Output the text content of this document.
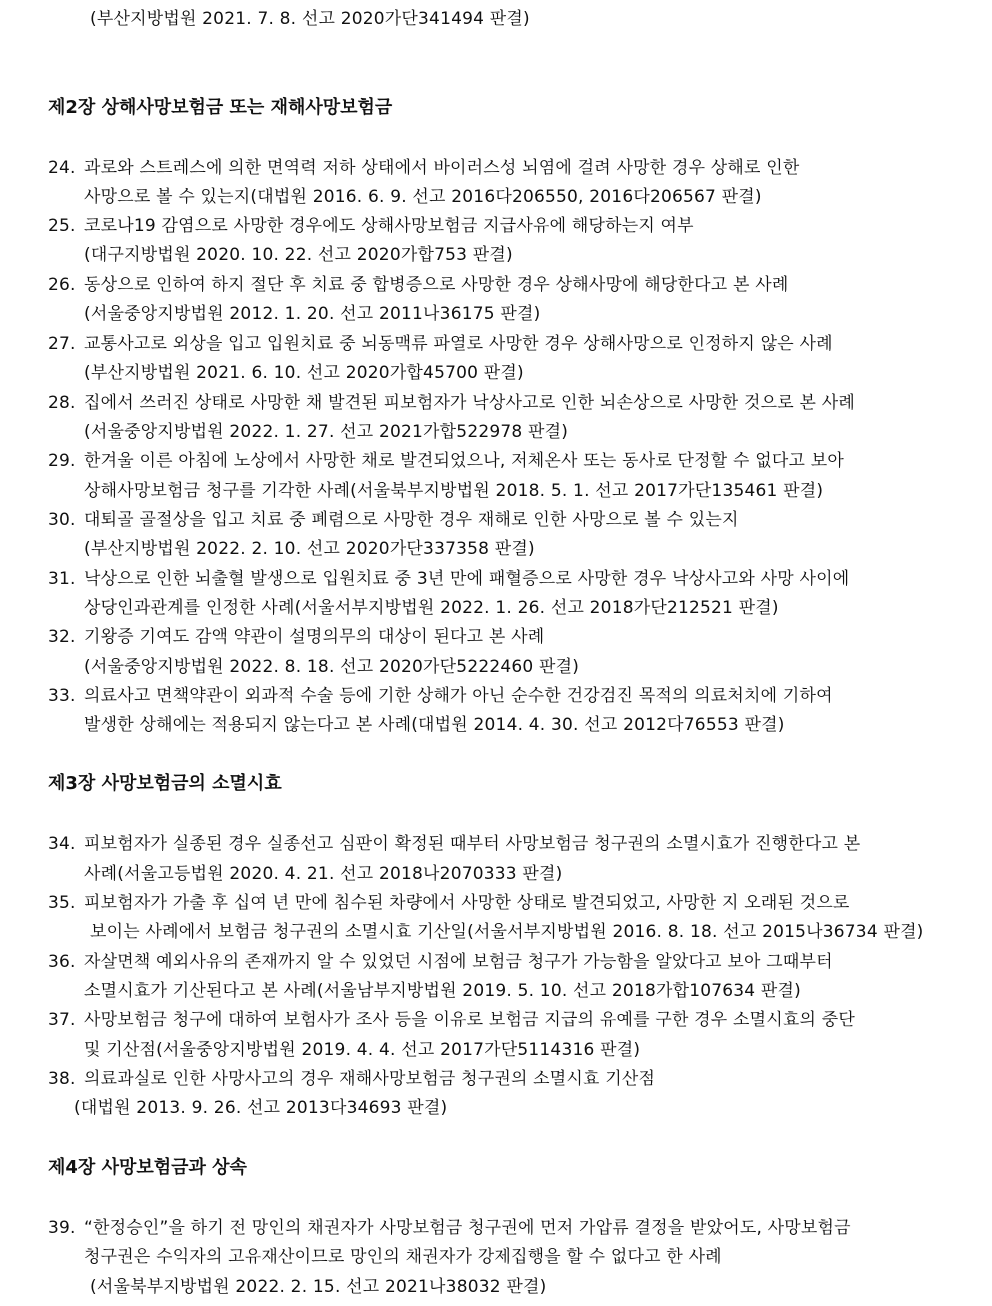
(부산지방법원 2021. 7. 8. 선고 2020가단341494 판결)
제2장 상해사망보험금 또는 재해사망보험금
24. 과로와 스트레스에 의한 면역력 저하 상태에서 바이러스성 뇌염에 걸려 사망한 경우 상해로 인한
사망으로 볼 수 있는지(대법원 2016. 6. 9. 선고 2016다206550, 2016다206567 판결)
25. 코로나19 감염으로 사망한 경우에도 상해사망보험금 지급사유에 해당하는지 여부
(대구지방법원 2020. 10. 22. 선고 2020가합753 판결)
26. 동상으로 인하여 하지 절단 후 치료 중 합병증으로 사망한 경우 상해사망에 해당한다고 본 사례
(서울중앙지방법원 2012. 1. 20. 선고 2011나36175 판결)
27. 교통사고로 외상을 입고 입원치료 중 뇌동맥류 파열로 사망한 경우 상해사망으로 인정하지 않은 사례
(부산지방법원 2021. 6. 10. 선고 2020가합45700 판결)
28. 집에서 쓰러진 상태로 사망한 채 발견된 피보험자가 낙상사고로 인한 뇌손상으로 사망한 것으로 본 사례
(서울중앙지방법원 2022. 1. 27. 선고 2021가합522978 판결)
29. 한겨울 이른 아침에 노상에서 사망한 채로 발견되었으나, 저체온사 또는 동사로 단정할 수 없다고 보아
상해사망보험금 청구를 기각한 사례(서울북부지방법원 2018. 5. 1. 선고 2017가단135461 판결)
30. 대퇴골 골절상을 입고 치료 중 폐렴으로 사망한 경우 재해로 인한 사망으로 볼 수 있는지
(부산지방법원 2022. 2. 10. 선고 2020가단337358 판결)
31. 낙상으로 인한 뇌출혈 발생으로 입원치료 중 3년 만에 패혈증으로 사망한 경우 낙상사고와 사망 사이에
상당인과관계를 인정한 사례(서울서부지방법원 2022. 1. 26. 선고 2018가단212521 판결)
32. 기왕증 기여도 감액 약관이 설명의무의 대상이 된다고 본 사례
(서울중앙지방법원 2022. 8. 18. 선고 2020가단5222460 판결)
33. 의료사고 면책약관이 외과적 수술 등에 기한 상해가 아닌 순수한 건강검진 목적의 의료처치에 기하여
발생한 상해에는 적용되지 않는다고 본 사례(대법원 2014. 4. 30. 선고 2012다76553 판결)
제3장 사망보험금의 소멸시효
34. 피보험자가 실종된 경우 실종선고 심판이 확정된 때부터 사망보험금 청구권의 소멸시효가 진행한다고 본
사례(서울고등법원 2020. 4. 21. 선고 2018나2070333 판결)
35. 피보험자가 가출 후 십여 년 만에 침수된 차량에서 사망한 상태로 발견되었고, 사망한 지 오래된 것으로
보이는 사례에서 보험금 청구권의 소멸시효 기산일(서울서부지방법원 2016. 8. 18. 선고 2015나36734 판결)
36. 자살면책 예외사유의 존재까지 알 수 있었던 시점에 보험금 청구가 가능함을 알았다고 보아 그때부터
소멸시효가 기산된다고 본 사례(서울남부지방법원 2019. 5. 10. 선고 2018가합107634 판결)
37. 사망보험금 청구에 대하여 보험사가 조사 등을 이유로 보험금 지급의 유예를 구한 경우 소멸시효의 중단
및 기산점(서울중앙지방법원 2019. 4. 4. 선고 2017가단5114316 판결)
38. 의료과실로 인한 사망사고의 경우 재해사망보험금 청구권의 소멸시효 기산점
(대법원 2013. 9. 26. 선고 2013다34693 판결)
제4장 사망보험금과 상속
39. “한정승인”을 하기 전 망인의 채권자가 사망보험금 청구권에 먼저 가압류 결정을 받았어도, 사망보험금
청구권은 수익자의 고유재산이므로 망인의 채권자가 강제집행을 할 수 없다고 한 사례
(서울북부지방법원 2022. 2. 15. 선고 2021나38032 판결)
